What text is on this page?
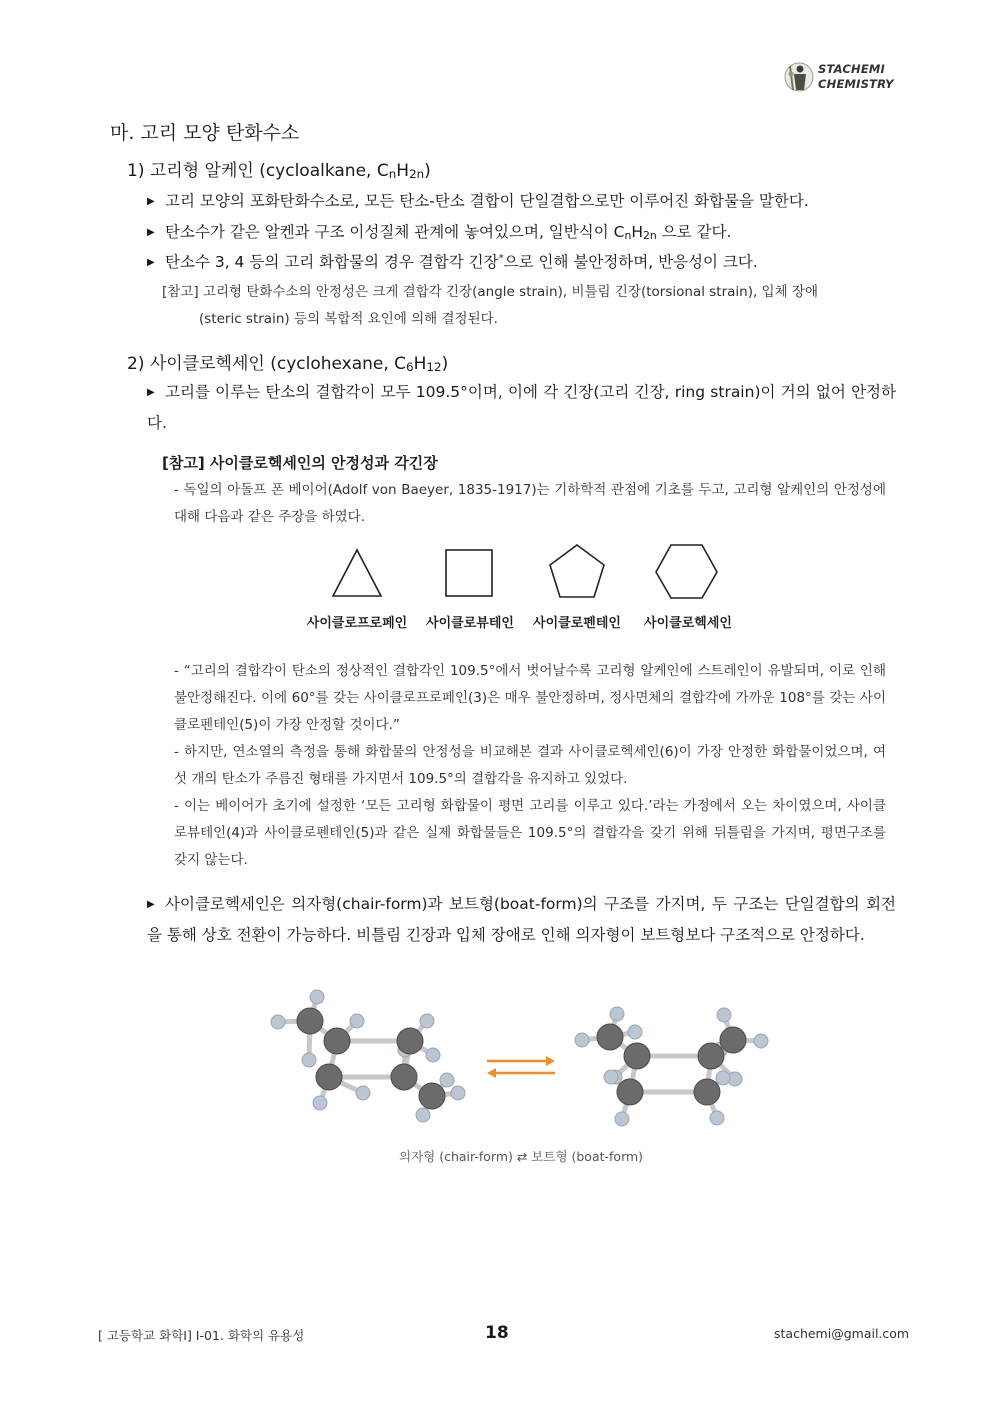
STACHEMI
CHEMISTRY
마. 고리 모양 탄화수소
1) 고리형 알케인 (cycloalkane, $C_nH_{2n}$)
▶ 고리 모양의 포화탄화수소로, 모든 탄소-탄소 결합이 단일결합으로만 이루어진 화합물을 말한다.
▶ 탄소수가 같은 알켄과 구조 이성질체 관계에 놓여있으며, 일반식이 $C_nH_{2n}$ 으로 같다.
▶ 탄소수 3, 4 등의 고리 화합물의 경우 결합각 긴장*으로 인해 불안정하며, 반응성이 크다.
[참고] 고리형 탄화수소의 안정성은 크게 결합각 긴장(angle strain), 비틀림 긴장(torsional strain), 입체 장애
(steric strain) 등의 복합적 요인에 의해 결정된다.
2) 사이클로헥세인 (cyclohexane, $C_6H_{12}$)
▶ 고리를 이루는 탄소의 결합각이 모두 109.5°이며, 이에 각 긴장(고리 긴장, ring strain)이 거의 없어 안정하다.
[참고] 사이클로헥세인의 안정성과 각긴장
- 독일의 아돌프 폰 베이어(Adolf von Baeyer, 1835-1917)는 기하학적 관점에 기초를 두고, 고리형 알케인의 안정성에 대해 다음과 같은 주장을 하였다.
사이클로프로페인	사이클로뷰테인	사이클로펜테인	사이클로헥세인
- “고리의 결합각이 탄소의 정상적인 결합각인 109.5°에서 벗어날수록 고리형 알케인에 스트레인이 유발되며, 이로 인해 불안정해진다. 이에 60°를 갖는 사이클로프로페인(3)은 매우 불안정하며, 정사면체의 결합각에 가까운 108°를 갖는 사이클로펜테인(5)이 가장 안정할 것이다.”
- 하지만, 연소열의 측정을 통해 화합물의 안정성을 비교해본 결과 사이클로헥세인(6)이 가장 안정한 화합물이었으며, 여섯 개의 탄소가 주름진 형태를 가지면서 109.5°의 결합각을 유지하고 있었다.
- 이는 베이어가 초기에 설정한 ‘모든 고리형 화합물이 평면 고리를 이루고 있다.’라는 가정에서 오는 차이였으며, 사이클로뷰테인(4)과 사이클로펜테인(5)과 같은 실제 화합물들은 109.5°의 결합각을 갖기 위해 뒤틀림을 가지며, 평면구조를 갖지 않는다.
▶ 사이클로헥세인은 의자형(chair-form)과 보트형(boat-form)의 구조를 가지며, 두 구조는 단일결합의 회전을 통해 상호 전환이 가능하다. 비틀림 긴장과 입체 장애로 인해 의자형이 보트형보다 구조적으로 안정하다.
의자형 (chair-form) ⇄ 보트형 (boat-form)
[ 고등학교 화학Ⅰ] Ⅰ-01. 화학의 유용성	18	stachemi@gmail.com
